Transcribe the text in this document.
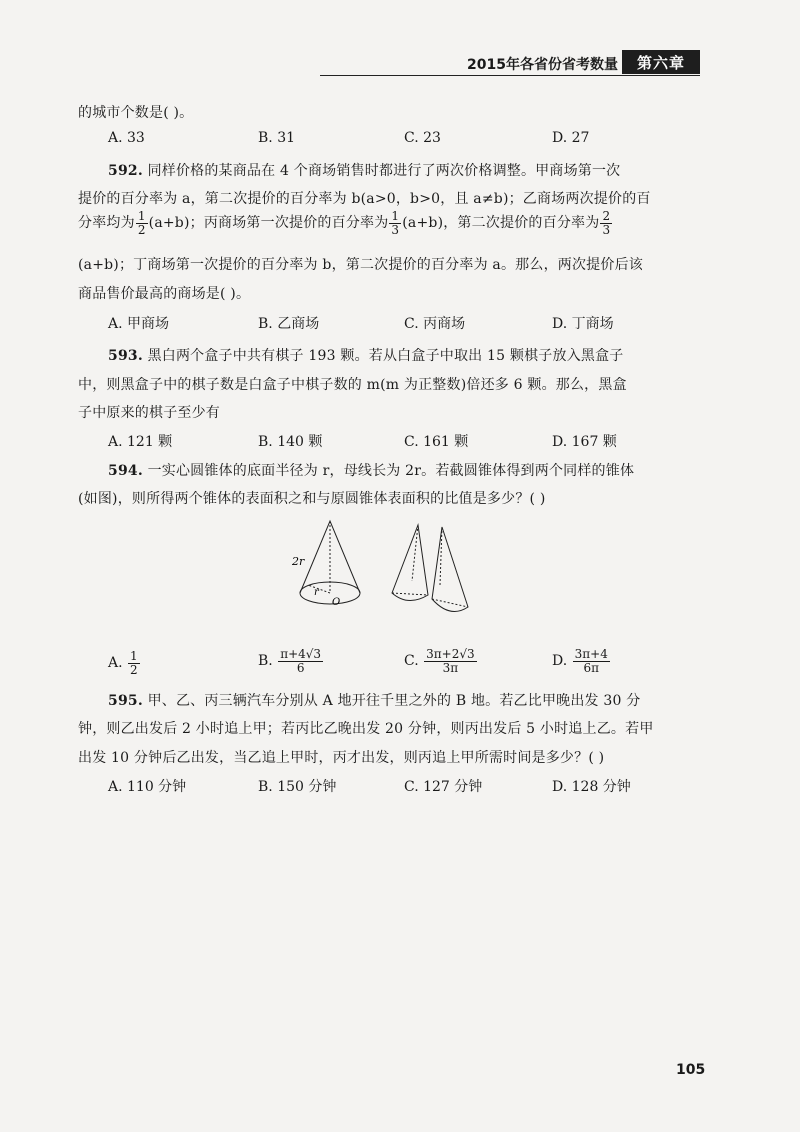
2015年各省份省考数量	第六章
的城市个数是( )。
A. 33	B. 31	C. 23	D. 27
592. 同样价格的某商品在 4 个商场销售时都进行了两次价格调整。甲商场第一次
提价的百分率为 a，第二次提价的百分率为 b(a>0，b>0，且 a≠b)；乙商场两次提价的百
分率均为 $\frac{1}{2} (a+b)$；丙商场第一次提价的百分率为 $\frac{1}{3} (a+b)$，第二次提价的百分率为 $\frac{2}{3}$
(a+b)；丁商场第一次提价的百分率为 b，第二次提价的百分率为 a。那么，两次提价后该
商品售价最高的商场是( )。
A. 甲商场	B. 乙商场	C. 丙商场	D. 丁商场
593. 黑白两个盒子中共有棋子 193 颗。若从白盒子中取出 15 颗棋子放入黑盒子
中，则黑盒子中的棋子数是白盒子中棋子数的 m(m 为正整数)倍还多 6 颗。那么，黑盒
子中原来的棋子至少有
A. 121 颗	B. 140 颗	C. 161 颗	D. 167 颗
594. 一实心圆锥体的底面半径为 r，母线长为 2r。若截圆锥体得到两个同样的锥体
(如图)，则所得两个锥体的表面积之和与原圆锥体表面积的比值是多少？( )
2r
r
O
A. $\frac{1}{2}$	B. $\frac{\pi+4√3}{6}$	C. $\frac{3\pi+2√3}{3\pi}$	D. $\frac{3\pi+4}{6\pi}$
595. 甲、乙、丙三辆汽车分别从 A 地开往千里之外的 B 地。若乙比甲晚出发 30 分
钟，则乙出发后 2 小时追上甲；若丙比乙晚出发 20 分钟，则丙出发后 5 小时追上乙。若甲
出发 10 分钟后乙出发，当乙追上甲时，丙才出发，则丙追上甲所需时间是多少？( )
A. 110 分钟	B. 150 分钟	C. 127 分钟	D. 128 分钟
105
